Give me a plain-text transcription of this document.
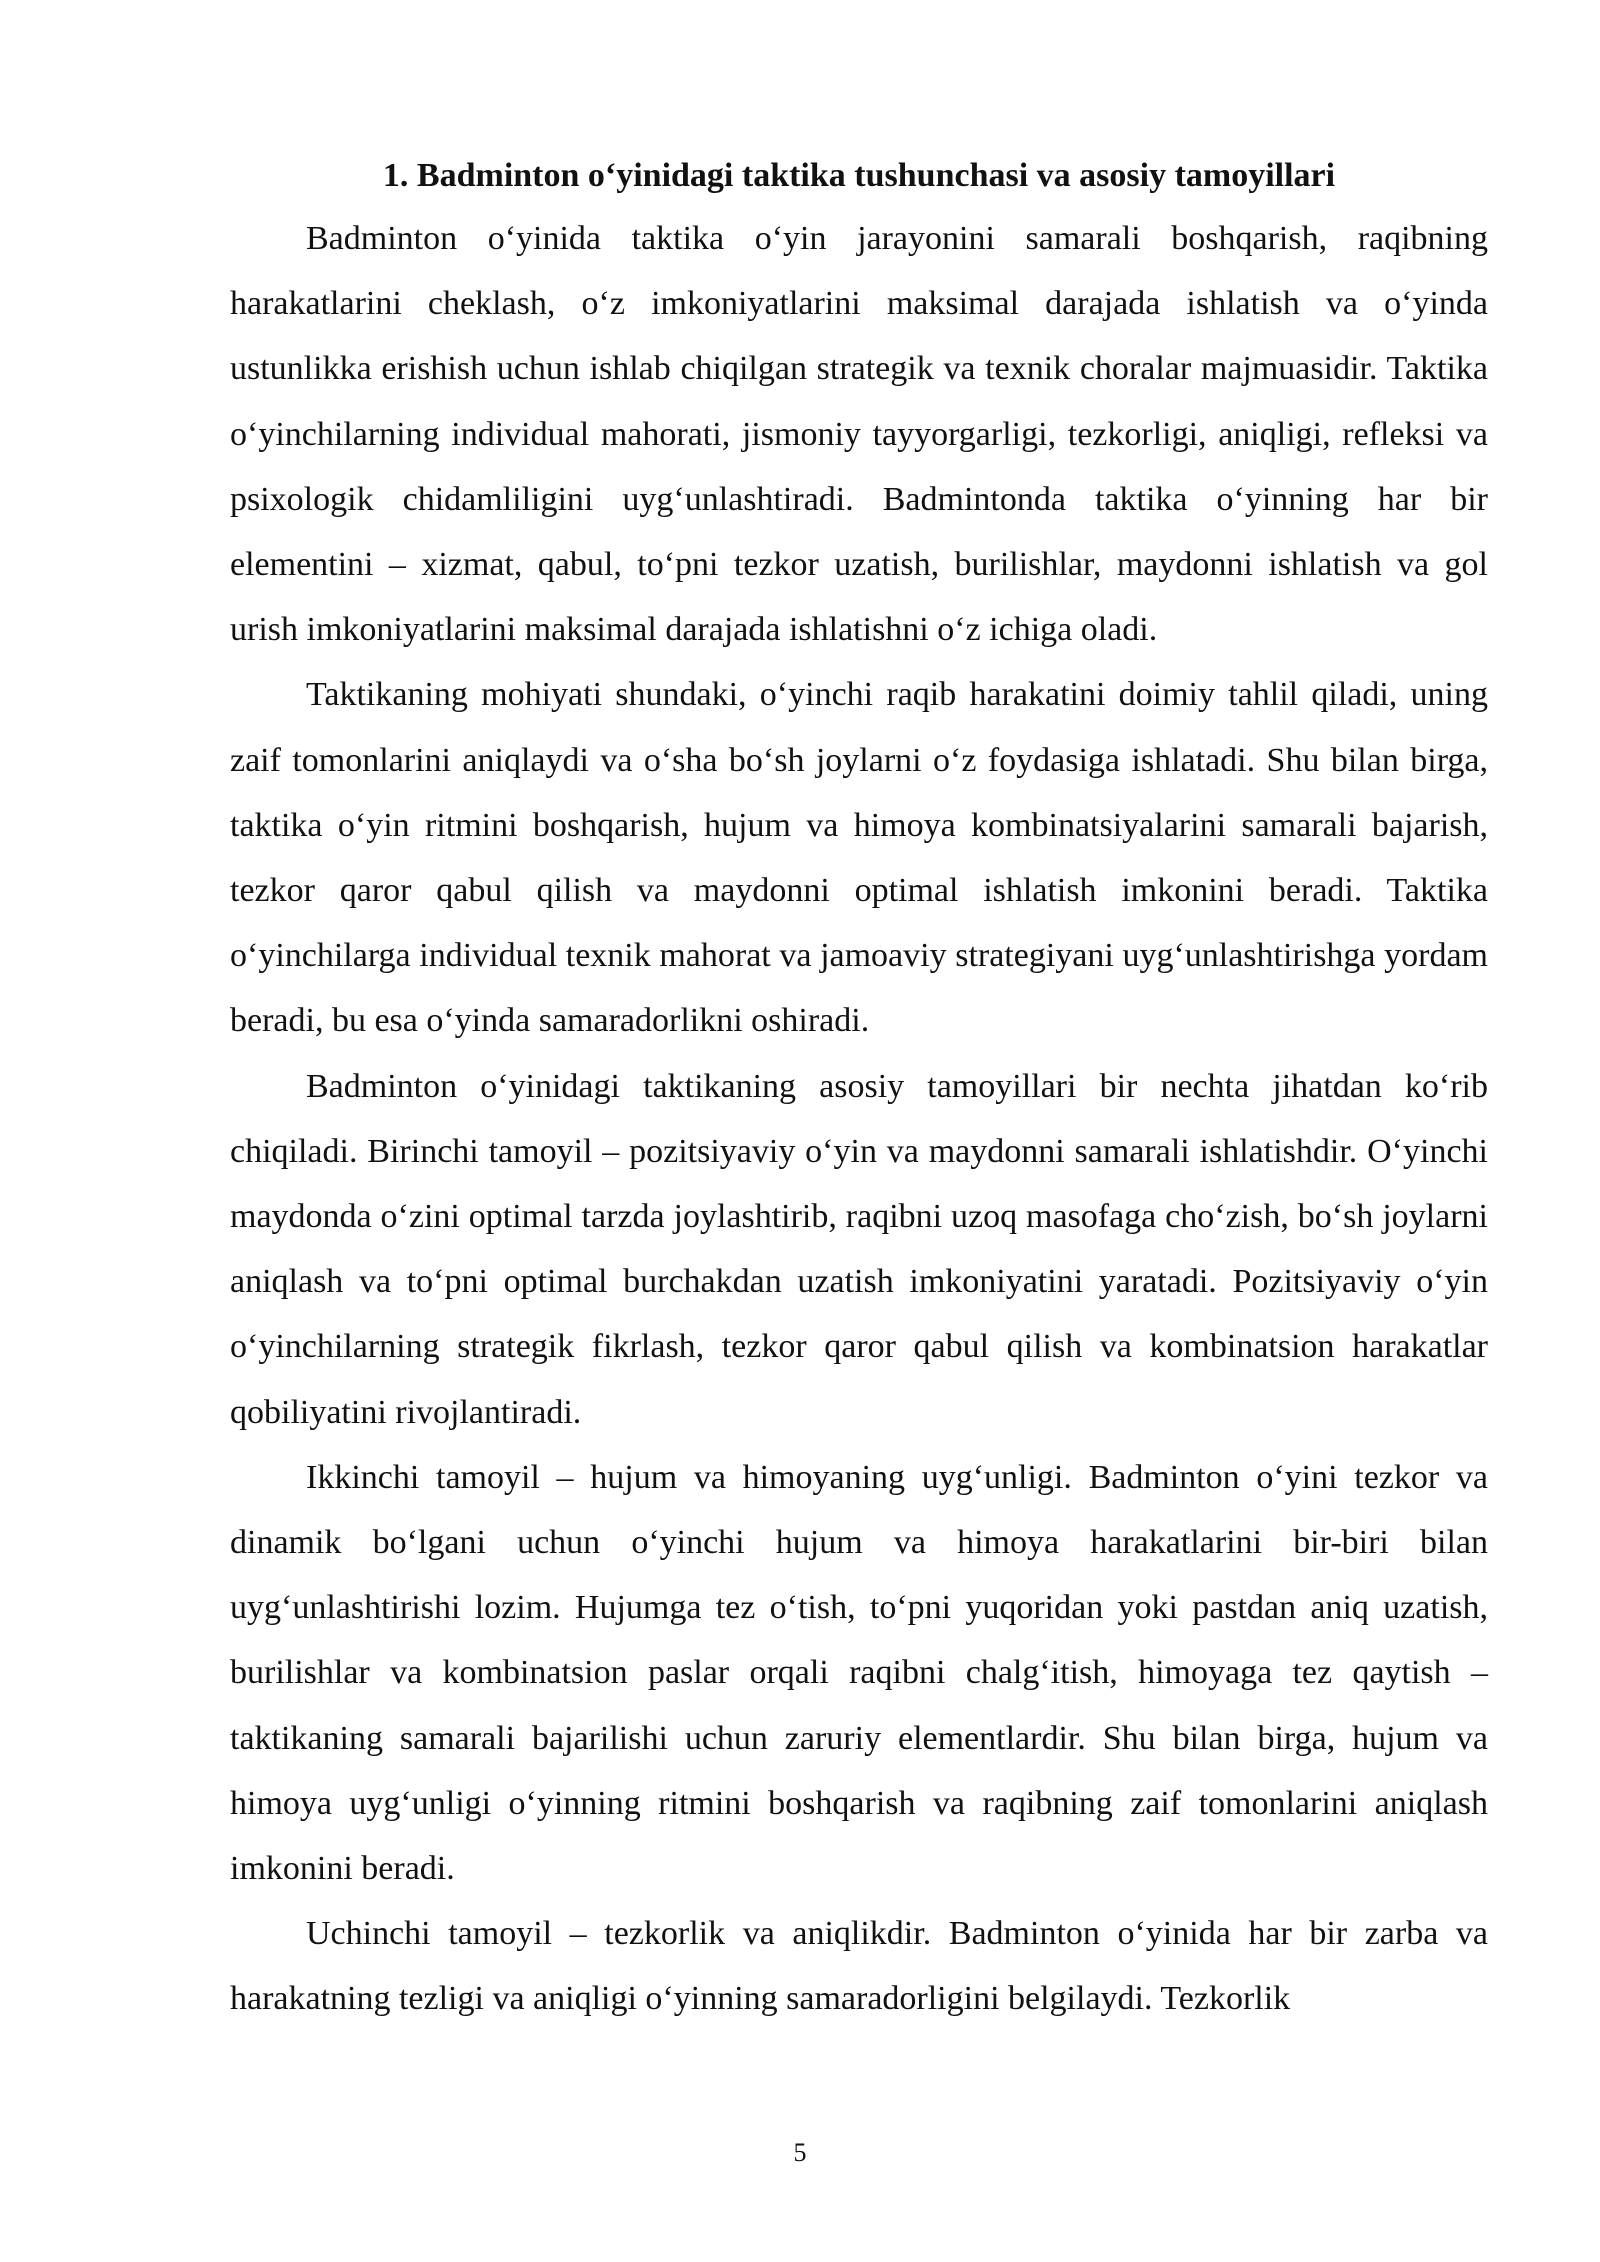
1. Badminton o‘yinidagi taktika tushunchasi va asosiy tamoyillari

Badminton o‘yinida taktika o‘yin jarayonini samarali boshqarish, raqibning harakatlarini cheklash, o‘z imkoniyatlarini maksimal darajada ishlatish va o‘yinda ustunlikka erishish uchun ishlab chiqilgan strategik va texnik choralar majmuasidir. Taktika o‘yinchilarning individual mahorati, jismoniy tayyorgarligi, tezkorligi, aniqligi, refleksi va psixologik chidamliligini uyg‘unlashtiradi. Badmintonda taktika o‘yinning har bir elementini – xizmat, qabul, to‘pni tezkor uzatish, burilishlar, maydonni ishlatish va gol urish imkoniyatlarini maksimal darajada ishlatishni o‘z ichiga oladi.

Taktikaning mohiyati shundaki, o‘yinchi raqib harakatini doimiy tahlil qiladi, uning zaif tomonlarini aniqlaydi va o‘sha bo‘sh joylarni o‘z foydasiga ishlatadi. Shu bilan birga, taktika o‘yin ritmini boshqarish, hujum va himoya kombinatsiyalarini samarali bajarish, tezkor qaror qabul qilish va maydonni optimal ishlatish imkonini beradi. Taktika o‘yinchilarga individual texnik mahorat va jamoaviy strategiyani uyg‘unlashtirishga yordam beradi, bu esa o‘yinda samaradorlikni oshiradi.

Badminton o‘yinidagi taktikaning asosiy tamoyillari bir nechta jihatdan ko‘rib chiqiladi. Birinchi tamoyil – pozitsiyaviy o‘yin va maydonni samarali ishlatishdir. O‘yinchi maydonda o‘zini optimal tarzda joylashtirib, raqibni uzoq masofaga cho‘zish, bo‘sh joylarni aniqlash va to‘pni optimal burchakdan uzatish imkoniyatini yaratadi. Pozitsiyaviy o‘yin o‘yinchilarning strategik fikrlash, tezkor qaror qabul qilish va kombinatsion harakatlar qobiliyatini rivojlantiradi.

Ikkinchi tamoyil – hujum va himoyaning uyg‘unligi. Badminton o‘yini tezkor va dinamik bo‘lgani uchun o‘yinchi hujum va himoya harakatlarini bir-biri bilan uyg‘unlashtirishi lozim. Hujumga tez o‘tish, to‘pni yuqoridan yoki pastdan aniq uzatish, burilishlar va kombinatsion paslar orqali raqibni chalg‘itish, himoyaga tez qaytish – taktikaning samarali bajarilishi uchun zaruriy elementlardir. Shu bilan birga, hujum va himoya uyg‘unligi o‘yinning ritmini boshqarish va raqibning zaif tomonlarini aniqlash imkonini beradi.

Uchinchi tamoyil – tezkorlik va aniqlikdir. Badminton o‘yinida har bir zarba va harakatning tezligi va aniqligi o‘yinning samaradorligini belgilaydi. Tezkorlik

5
